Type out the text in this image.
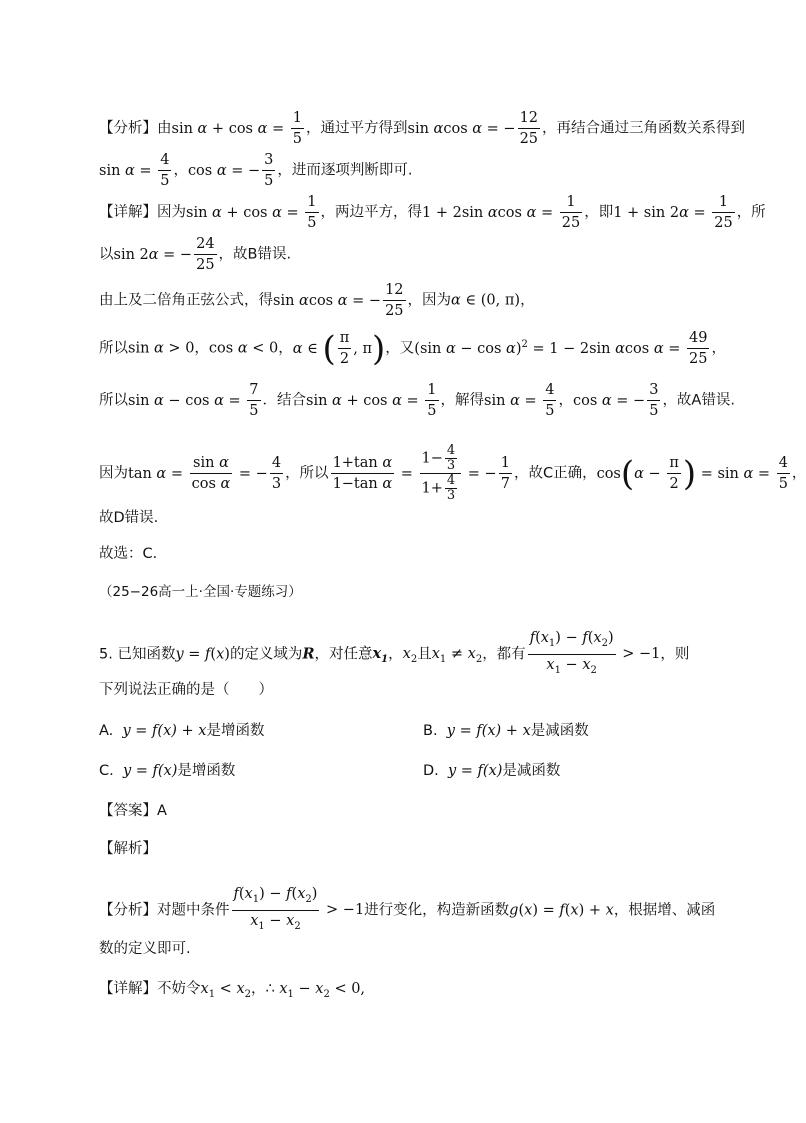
【分析】由$\sin \alpha + \cos \alpha = \frac{1}{5}$ ，通过平方得到sin αcos α = − $\frac{12}{25}$ ，再结合通过三角函数关系得到
$\sin \alpha = \frac{4}{5}$ ，cos α = − $\frac{3}{5}$ ，进而逐项判断即可.
【详解】因为$\sin \alpha + \cos \alpha = \frac{1}{5}$ ，两边平方，得1 + 2sin αcos $\alpha = \frac{1}{25}$ ，即$1 + \sin 2\alpha = \frac{1}{25}$ ，所
以sin 2α = − $\frac{24}{25}$ ，故B错误.
由上及二倍角正弦公式，得sin αcos α = − $\frac{12}{25}$ ，因为α ∈ (0, π)，
所以sin α > 0，cos α < 0，α ∈ ( $\frac{\pi}{2}$ , π)，又(sin α − cos α)$^2$ = 1 − 2sin αcos $\alpha = \frac{49}{25}$ ，
所以$\sin \alpha - \cos \alpha = \frac{7}{5}$ ．结合$\sin \alpha + \cos \alpha = \frac{1}{5}$ ，解得$\sin \alpha = \frac{4}{5}$ ，cos α = − $\frac{3}{5}$ ，故A错误.
因为$\tan \alpha = \frac{\text{sin α}}{\text{cos α}}$ = − $\frac{4}{3}$ ，所以 $\frac{\text{1+tan α}}{\text{1−tan α}} = \frac{1- \frac{4}{3}}{1+ \frac{4}{3}}$ = − $\frac{1}{7}$ ，故C正确，$\cos(\alpha - \frac{\pi}{2}$ ) = $\sin \alpha = \frac{4}{5}$ ，
故D错误.
故选：C．
（25−26高一上·全国·专题练习）
5. 已知函数y = f(x)的定义域为R，对任意$x_1$，$x_2$且$x_1 \ne x_2$，都有 $\frac{f(x_1) - f(x_2)}{x_1 - x_2} > -1$，则
下列说法正确的是（　　）
A. y = f(x) + x是增函数	B. y = f(x) + x是减函数
C. y = f(x)是增函数	D. y = f(x)是减函数
【答案】A
【解析】
【分析】对题中条件 $\frac{f(x_1) - f(x_2)}{x_1 - x_2} > -1$进行变化，构造新函数g(x) = f(x) + x，根据增、减函
数的定义即可.
【详解】不妨令$x_1 < x_2$，∴ $x_1 - x_2 < 0$,
